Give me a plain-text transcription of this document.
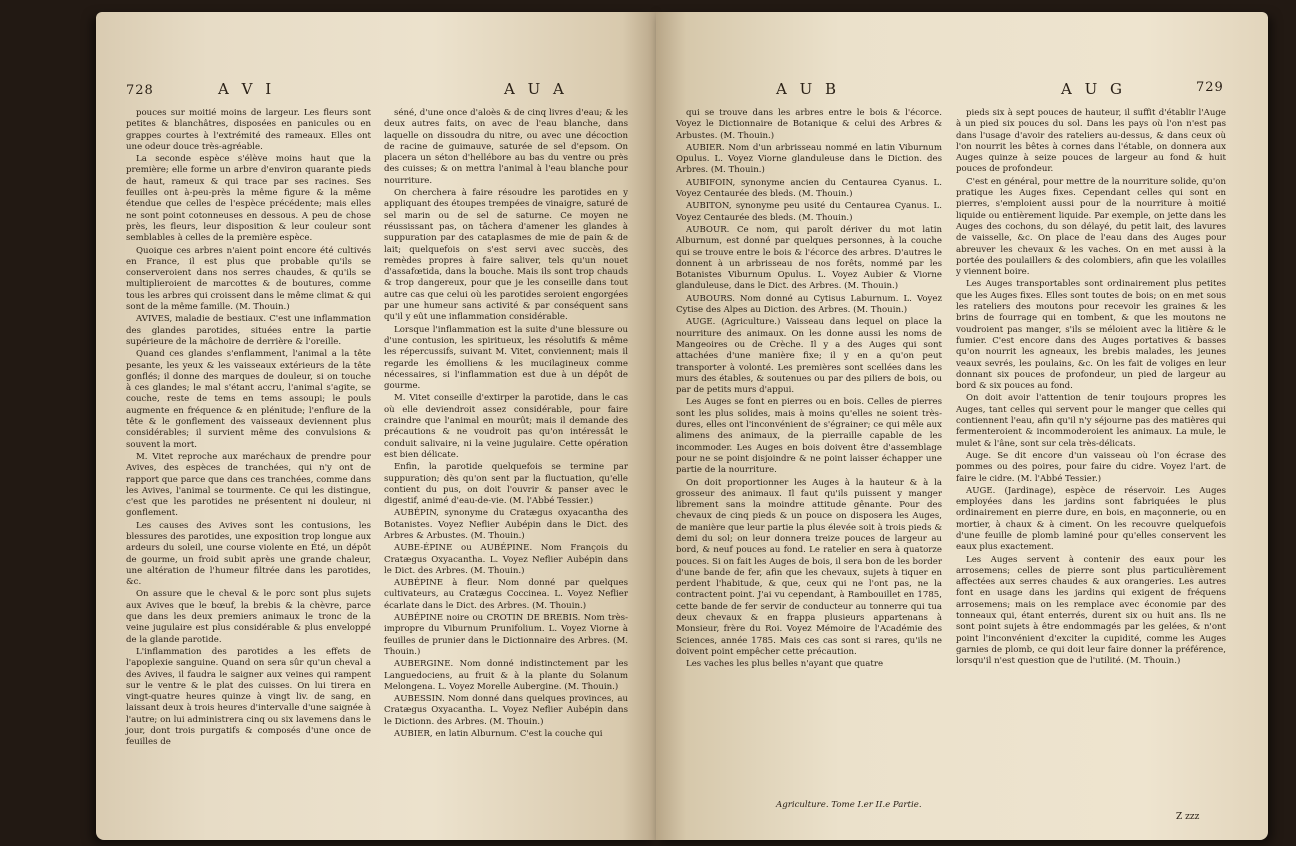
728	A V I	A U A

pouces sur moitié moins de largeur. Les fleurs sont petites & blanchâtres, disposées en panicules ou en grappes courtes à l'extrémité des rameaux. Elles ont une odeur douce très-agréable.

La seconde espèce s'élève moins haut que la première; elle forme un arbre d'environ quarante pieds de haut, rameux & qui trace par ses racines. Ses feuilles ont à-peu-près la même figure & la même étendue que celles de l'espèce précédente; mais elles ne sont point cotonneuses en dessous. A peu de chose près, les fleurs, leur disposition & leur couleur sont semblables à celles de la première espèce.

Quoique ces arbres n'aient point encore été cultivés en France, il est plus que probable qu'ils se conserveroient dans nos serres chaudes, & qu'ils se multiplieroient de marcottes & de boutures, comme tous les arbres qui croissent dans le même climat & qui sont de la même famille. (M. Thouin.)

AVIVES, maladie de bestiaux. C'est une inflammation des glandes parotides, situées entre la partie supérieure de la mâchoire de derrière & l'oreille.

Quand ces glandes s'enflamment, l'animal a la tête pesante, les yeux & les vaisseaux extérieurs de la tête gonflés; il donne des marques de douleur, si on touche à ces glandes; le mal s'étant accru, l'animal s'agite, se couche, reste de tems en tems assoupi; le pouls augmente en fréquence & en plénitude; l'enflure de la tête & le gonflement des vaisseaux deviennent plus considérables; il survient même des convulsions & souvent la mort.

M. Vitet reproche aux maréchaux de prendre pour Avives, des espèces de tranchées, qui n'y ont de rapport que parce que dans ces tranchées, comme dans les Avives, l'animal se tourmente. Ce qui les distingue, c'est que les parotides ne présentent ni douleur, ni gonflement.

Les causes des Avives sont les contusions, les blessures des parotides, une exposition trop longue aux ardeurs du soleil, une course violente en Été, un dépôt de gourme, un froid subit après une grande chaleur, une altération de l'humeur filtrée dans les parotides, &c.

On assure que le cheval & le porc sont plus sujets aux Avives que le bœuf, la brebis & la chèvre, parce que dans les deux premiers animaux le tronc de la veine jugulaire est plus considérable & plus enveloppé de la glande parotide.

L'inflammation des parotides a les effets de l'apoplexie sanguine. Quand on sera sûr qu'un cheval a des Avives, il faudra le saigner aux veines qui rampent sur le ventre & le plat des cuisses. On lui tirera en vingt-quatre heures quinze à vingt liv. de sang, en laissant deux à trois heures d'intervalle d'une saignée à l'autre; on lui administrera cinq ou six lavemens dans le jour, dont trois purgatifs & composés d'une once de feuilles de

séné, d'une once d'aloès & de cinq livres d'eau; & les deux autres faits, on avec de l'eau blanche, dans laquelle on dissoudra du nitre, ou avec une décoction de racine de guimauve, saturée de sel d'epsom. On placera un séton d'hellébore au bas du ventre ou près des cuisses; & on mettra l'animal à l'eau blanche pour nourriture.

On cherchera à faire résoudre les parotides en y appliquant des étoupes trempées de vinaigre, saturé de sel marin ou de sel de saturne. Ce moyen ne réussissant pas, on tâchera d'amener les glandes à suppuration par des cataplasmes de mie de pain & de lait; quelquefois on s'est servi avec succès, des remèdes propres à faire saliver, tels qu'un nouet d'assafœtida, dans la bouche. Mais ils sont trop chauds & trop dangereux, pour que je les conseille dans tout autre cas que celui où les parotides seroient engorgées par une humeur sans activité & par conséquent sans qu'il y eût une inflammation considérable.

Lorsque l'inflammation est la suite d'une blessure ou d'une contusion, les spiritueux, les résolutifs & même les répercussifs, suivant M. Vitet, conviennent; mais il regarde les émolliens & les mucilagineux comme nécessaires, si l'inflammation est due à un dépôt de gourme.

M. Vitet conseille d'extirper la parotide, dans le cas où elle deviendroit assez considérable, pour faire craindre que l'animal en mourût; mais il demande des précautions & ne voudroit pas qu'on intéressât le conduit salivaire, ni la veine jugulaire. Cette opération est bien délicate.

Enfin, la parotide quelquefois se termine par suppuration; dès qu'on sent par la fluctuation, qu'elle contient du pus, on doit l'ouvrir & panser avec le digestif, animé d'eau-de-vie. (M. l'Abbé Tessier.)

AUBÉPIN, synonyme du Cratægus oxyacantha des Botanistes. Voyez Neflier Aubépin dans le Dict. des Arbres & Arbustes. (M. Thouin.)

AUBE-ÉPINE ou AUBÉPINE. Nom François du Cratægus Oxyacantha. L. Voyez Neflier Aubépin dans le Dict. des Arbres. (M. Thouin.)

AUBÉPINE à fleur. Nom donné par quelques cultivateurs, au Cratægus Coccinea. L. Voyez Neflier écarlate dans le Dict. des Arbres. (M. Thouin.)

AUBÉPINE noire ou CROTIN DE BREBIS. Nom très-impropre du Viburnum Prunifolium. L. Voyez Viorne à feuilles de prunier dans le Dictionnaire des Arbres. (M. Thouin.)

AUBERGINE. Nom donné indistinctement par les Languedociens, au fruit & à la plante du Solanum Melongena. L. Voyez Morelle Aubergine. (M. Thouin.)

AUBESSIN. Nom donné dans quelques provinces, au Cratægus Oxyacantha. L. Voyez Neflier Aubépin dans le Dictionn. des Arbres. (M. Thouin.)

AUBIER, en latin Alburnum. C'est la couche qui

A U B	A U G	729

qui se trouve dans les arbres entre le bois & l'écorce. Voyez le Dictionnaire de Botanique & celui des Arbres & Arbustes. (M. Thouin.)

AUBIER. Nom d'un arbrisseau nommé en latin Viburnum Opulus. L. Voyez Viorne glanduleuse dans le Diction. des Arbres. (M. Thouin.)

AUBIFOIN, synonyme ancien du Centaurea Cyanus. L. Voyez Centaurée des bleds. (M. Thouin.)

AUBITON, synonyme peu usité du Centaurea Cyanus. L. Voyez Centaurée des bleds. (M. Thouin.)

AUBOUR. Ce nom, qui paroît dériver du mot latin Alburnum, est donné par quelques personnes, à la couche qui se trouve entre le bois & l'écorce des arbres. D'autres le donnent à un arbrisseau de nos forêts, nommé par les Botanistes Viburnum Opulus. L. Voyez Aubier & Viorne glanduleuse, dans le Dict. des Arbres. (M. Thouin.)

AUBOURS. Nom donné au Cytisus Laburnum. L. Voyez Cytise des Alpes au Diction. des Arbres. (M. Thouin.)

AUGE. (Agriculture.) Vaisseau dans lequel on place la nourriture des animaux. On les donne aussi les noms de Mangeoires ou de Crèche. Il y a des Auges qui sont attachées d'une manière fixe; il y en a qu'on peut transporter à volonté. Les premières sont scellées dans les murs des étables, & soutenues ou par des piliers de bois, ou par de petits murs d'appui.

Les Auges se font en pierres ou en bois. Celles de pierres sont les plus solides, mais à moins qu'elles ne soient très-dures, elles ont l'inconvénient de s'égrainer; ce qui mêle aux alimens des animaux, de la pierraille capable de les incommoder. Les Auges en bois doivent être d'assemblage pour ne se point disjoindre & ne point laisser échapper une partie de la nourriture.

On doit proportionner les Auges à la hauteur & à la grosseur des animaux. Il faut qu'ils puissent y manger librement sans la moindre attitude gênante. Pour des chevaux de cinq pieds & un pouce on disposera les Auges, de manière que leur partie la plus élevée soit à trois pieds & demi du sol; on leur donnera treize pouces de largeur au bord, & neuf pouces au fond. Le ratelier en sera à quatorze pouces. Si on fait les Auges de bois, il sera bon de les border d'une bande de fer, afin que les chevaux, sujets à tiquer en perdent l'habitude, & que, ceux qui ne l'ont pas, ne la contractent point. J'ai vu cependant, à Rambouillet en 1785, cette bande de fer servir de conducteur au tonnerre qui tua deux chevaux & en frappa plusieurs appartenans à Monsieur, frère du Roi. Voyez Mémoire de l'Académie des Sciences, année 1785. Mais ces cas sont si rares, qu'ils ne doivent point empêcher cette précaution.

Les vaches les plus belles n'ayant que quatre

pieds six à sept pouces de hauteur, il suffit d'établir l'Auge à un pied six pouces du sol. Dans les pays où l'on n'est pas dans l'usage d'avoir des rateliers au-dessus, & dans ceux où l'on nourrit les bêtes à cornes dans l'étable, on donnera aux Auges quinze à seize pouces de largeur au fond & huit pouces de profondeur.

C'est en général, pour mettre de la nourriture solide, qu'on pratique les Auges fixes. Cependant celles qui sont en pierres, s'emploient aussi pour de la nourriture à moitié liquide ou entièrement liquide. Par exemple, on jette dans les Auges des cochons, du son délayé, du petit lait, des lavures de vaisselle, &c. On place de l'eau dans des Auges pour abreuver les chevaux & les vaches. On en met aussi à la portée des poulaillers & des colombiers, afin que les volailles y viennent boire.

Les Auges transportables sont ordinairement plus petites que les Auges fixes. Elles sont toutes de bois; on en met sous les rateliers des moutons pour recevoir les graines & les brins de fourrage qui en tombent, & que les moutons ne voudroient pas manger, s'ils se méloient avec la litière & le fumier. C'est encore dans des Auges portatives & basses qu'on nourrit les agneaux, les brebis malades, les jeunes veaux sevrés, les poulains, &c. On les fait de voliges en leur donnant six pouces de profondeur, un pied de largeur au bord & six pouces au fond.

On doit avoir l'attention de tenir toujours propres les Auges, tant celles qui servent pour le manger que celles qui contiennent l'eau, afin qu'il n'y séjourne pas des matières qui fermenteroient & incommoderoient les animaux. La mule, le mulet & l'âne, sont sur cela très-délicats.

Auge. Se dit encore d'un vaisseau où l'on écrase des pommes ou des poires, pour faire du cidre. Voyez l'art. de faire le cidre. (M. l'Abbé Tessier.)

AUGE. (Jardinage), espèce de réservoir. Les Auges employées dans les jardins sont fabriquées le plus ordinairement en pierre dure, en bois, en maçonnerie, ou en mortier, à chaux & à ciment. On les recouvre quelquefois d'une feuille de plomb laminé pour qu'elles conservent les eaux plus exactement.

Les Auges servent à contenir des eaux pour les arrosemens; celles de pierre sont plus particulièrement affectées aux serres chaudes & aux orangeries. Les autres font en usage dans les jardins qui exigent de fréquens arrosemens; mais on les remplace avec économie par des tonneaux qui, étant enterrés, durent six ou huit ans. Ils ne sont point sujets à être endommagés par les gelées, & n'ont point l'inconvénient d'exciter la cupidité, comme les Auges garnies de plomb, ce qui doit leur faire donner la préférence, lorsqu'il n'est question que de l'utilité. (M. Thouin.)

Agriculture. Tome I.er II.e Partie.
Z zzz
